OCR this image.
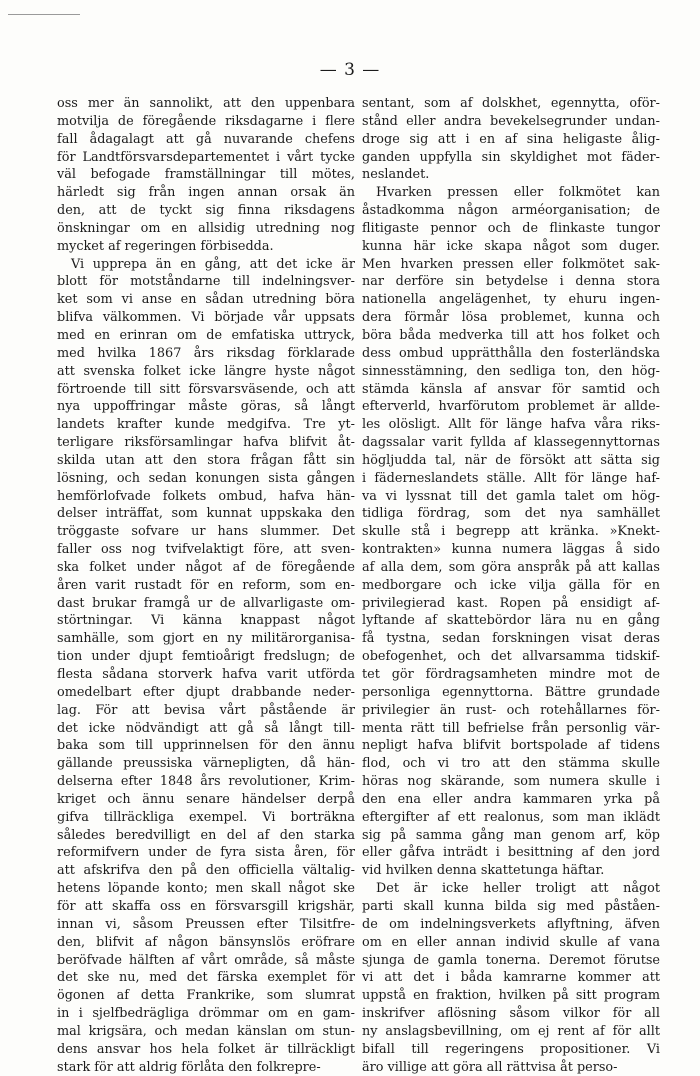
— 3 —
oss mer än sannolikt, att den uppenbara
motvilja de föregående riksdagarne i flere
fall ådagalagt att gå nuvarande chefens
för Landtförsvarsdepartementet i vårt tycke
väl befogade framställningar till mötes,
härledt sig från ingen annan orsak än
den, att de tyckt sig finna riksdagens
önskningar om en allsidig utredning nog
mycket af regeringen förbisedda.
Vi upprepa än en gång, att det icke är
blott för motståndarne till indelningsver-
ket som vi anse en sådan utredning böra
blifva välkommen. Vi började vår uppsats
med en erinran om de emfatiska uttryck,
med hvilka 1867 års riksdag förklarade
att svenska folket icke längre hyste något
förtroende till sitt försvarsväsende, och att
nya uppoffringar måste göras, så långt
landets krafter kunde medgifva. Tre yt-
terligare riksförsamlingar hafva blifvit åt-
skilda utan att den stora frågan fått sin
lösning, och sedan konungen sista gången
hemförlofvade folkets ombud, hafva hän-
delser inträffat, som kunnat uppskaka den
tröggaste sofvare ur hans slummer. Det
faller oss nog tvifvelaktigt före, att sven-
ska folket under något af de föregående
åren varit rustadt för en reform, som en-
dast brukar framgå ur de allvarligaste om-
störtningar. Vi känna knappast något
samhälle, som gjort en ny militärorganisa-
tion under djupt femtioårigt fredslugn; de
flesta sådana storverk hafva varit utförda
omedelbart efter djupt drabbande neder-
lag. För att bevisa vårt påstående är
det icke nödvändigt att gå så långt till-
baka som till upprinnelsen för den ännu
gällande preussiska värnepligten, då hän-
delserna efter 1848 års revolutioner, Krim-
kriget och ännu senare händelser derpå
gifva tillräckliga exempel. Vi borträkna
således beredvilligt en del af den starka
reformifvern under de fyra sista åren, för
att afskrifva den på den officiella vältalig-
hetens löpande konto; men skall något ske
för att skaffa oss en försvarsgill krigshär,
innan vi, såsom Preussen efter Tilsitfre-
den, blifvit af någon bänsynslös eröfrare
beröfvade hälften af vårt område, så måste
det ske nu, med det färska exemplet för
ögonen af detta Frankrike, som slumrat
in i sjelfbedrägliga drömmar om en gam-
mal krigsära, och medan känslan om stun-
dens ansvar hos hela folket är tillräckligt
stark för att aldrig förlåta den folkrepre-
sentant, som af dolskhet, egennytta, oför-
stånd eller andra bevekelsegrunder undan-
droge sig att i en af sina heligaste ålig-
ganden uppfylla sin skyldighet mot fäder-
neslandet.
Hvarken pressen eller folkmötet kan
åstadkomma någon arméorganisation; de
flitigaste pennor och de flinkaste tungor
kunna här icke skapa något som duger.
Men hvarken pressen eller folkmötet sak-
nar derföre sin betydelse i denna stora
nationella angelägenhet, ty ehuru ingen-
dera förmår lösa problemet, kunna och
böra båda medverka till att hos folket och
dess ombud upprätthålla den fosterländska
sinnesstämning, den sedliga ton, den hög-
stämda känsla af ansvar för samtid och
efterverld, hvarförutom problemet är allde-
les olösligt. Allt för länge hafva våra riks-
dagssalar varit fyllda af klassegennyttornas
högljudda tal, när de försökt att sätta sig
i fäderneslandets ställe. Allt för länge haf-
va vi lyssnat till det gamla talet om hög-
tidliga fördrag, som det nya samhället
skulle stå i begrepp att kränka. »Knekt-
kontrakten» kunna numera läggas å sido
af alla dem, som göra anspråk på att kallas
medborgare och icke vilja gälla för en
privilegierad kast. Ropen på ensidigt af-
lyftande af skattebördor lära nu en gång
få tystna, sedan forskningen visat deras
obefogenhet, och det allvarsamma tidskif-
tet gör fördragsamheten mindre mot de
personliga egennyttorna. Bättre grundade
privilegier än rust- och rotehållarnes för-
menta rätt till befrielse från personlig vär-
nepligt hafva blifvit bortspolade af tidens
flod, och vi tro att den stämma skulle
höras nog skärande, som numera skulle i
den ena eller andra kammaren yrka på
eftergifter af ett realonus, som man iklädt
sig på samma gång man genom arf, köp
eller gåfva inträdt i besittning af den jord
vid hvilken denna skattetunga häftar.
Det är icke heller troligt att något
parti skall kunna bilda sig med påståen-
de om indelningsverkets aflyftning, äfven
om en eller annan individ skulle af vana
sjunga de gamla tonerna. Deremot förutse
vi att det i båda kamrarne kommer att
uppstå en fraktion, hvilken på sitt program
inskrifver aflösning såsom vilkor för all
ny anslagsbevillning, om ej rent af för allt
bifall till regeringens propositioner. Vi
äro villige att göra all rättvisa åt perso-
